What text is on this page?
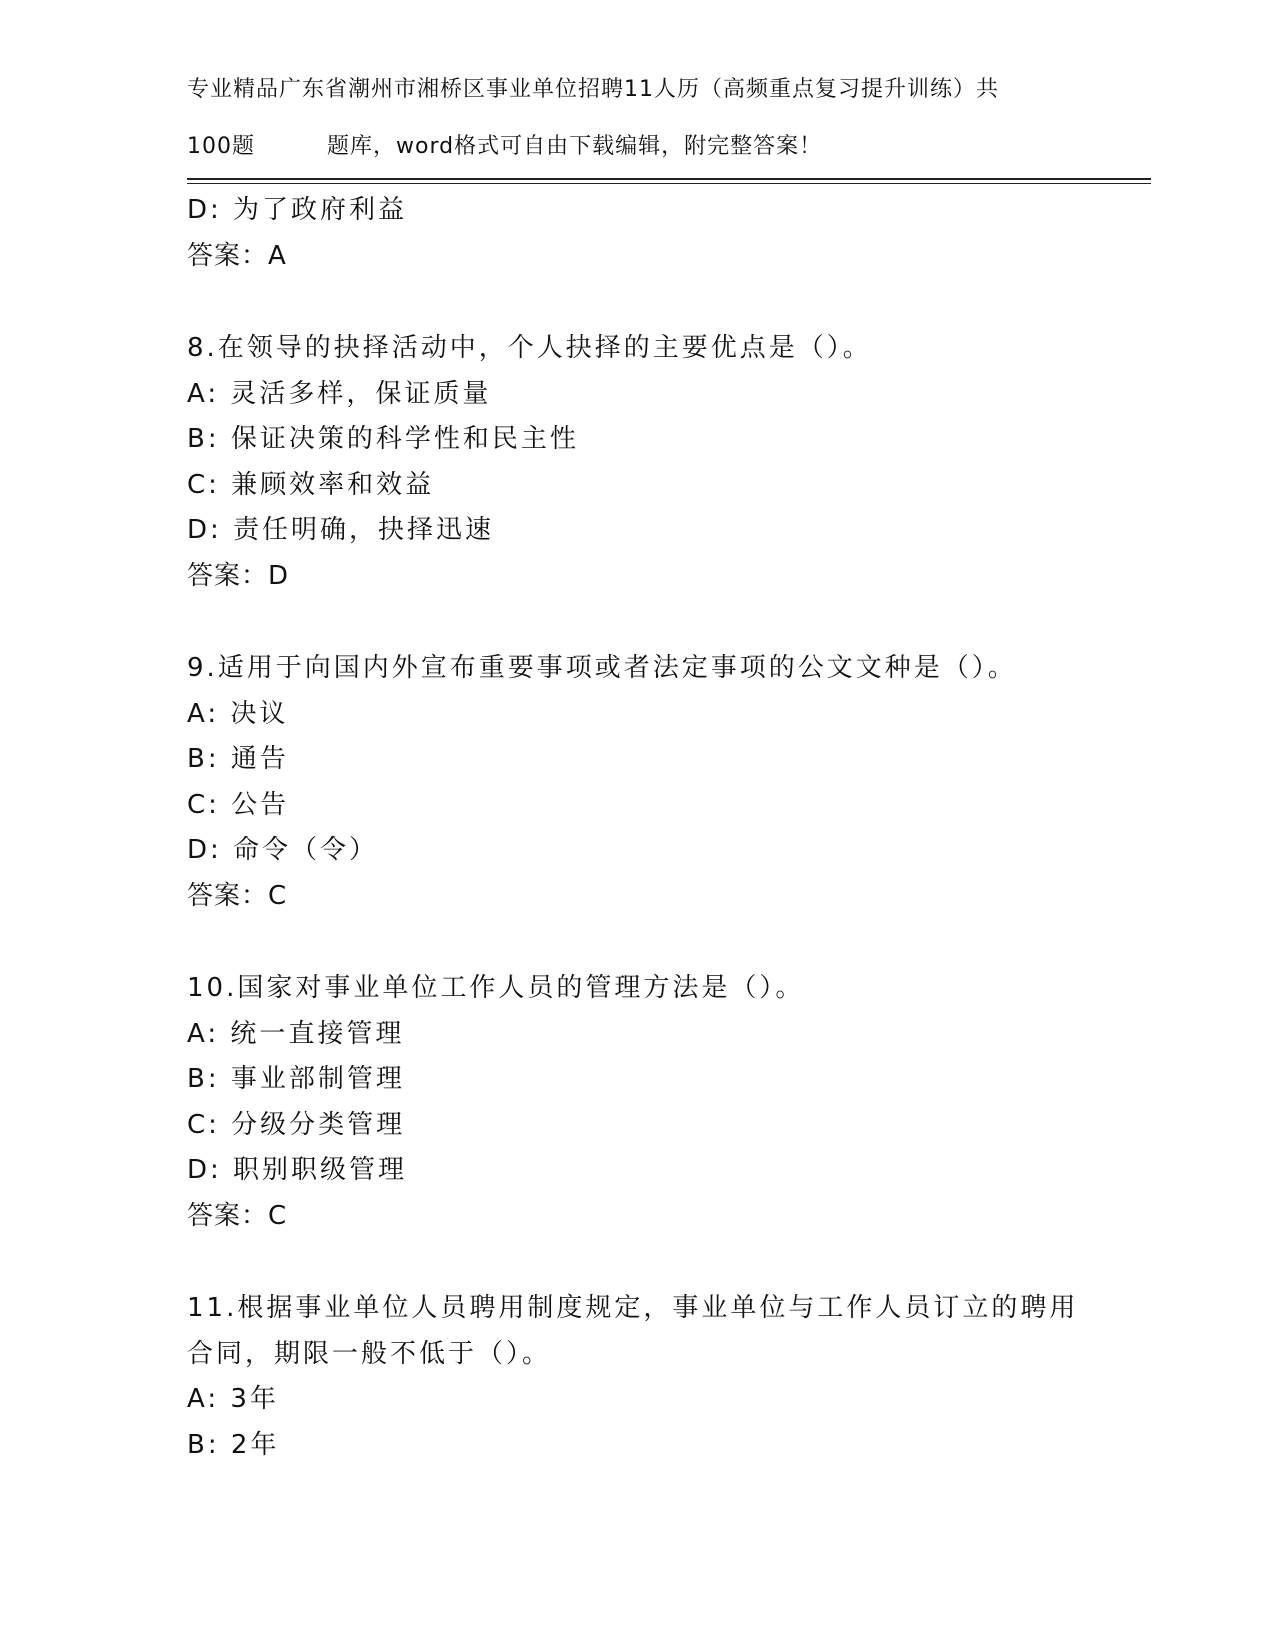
专业精品广东省潮州市湘桥区事业单位招聘11人历（高频重点复习提升训练）共
100题	题库，word格式可自由下载编辑，附完整答案！
D: 为了政府利益
答案：A
8.在领导的抉择活动中，个人抉择的主要优点是（）。
A: 灵活多样，保证质量
B: 保证决策的科学性和民主性
C: 兼顾效率和效益
D: 责任明确，抉择迅速
答案：D
9.适用于向国内外宣布重要事项或者法定事项的公文文种是（）。
A: 决议
B: 通告
C: 公告
D: 命令（令）
答案：C
10.国家对事业单位工作人员的管理方法是（）。
A: 统一直接管理
B: 事业部制管理
C: 分级分类管理
D: 职别职级管理
答案：C
11.根据事业单位人员聘用制度规定，事业单位与工作人员订立的聘用
合同，期限一般不低于（）。
A: 3年
B: 2年
